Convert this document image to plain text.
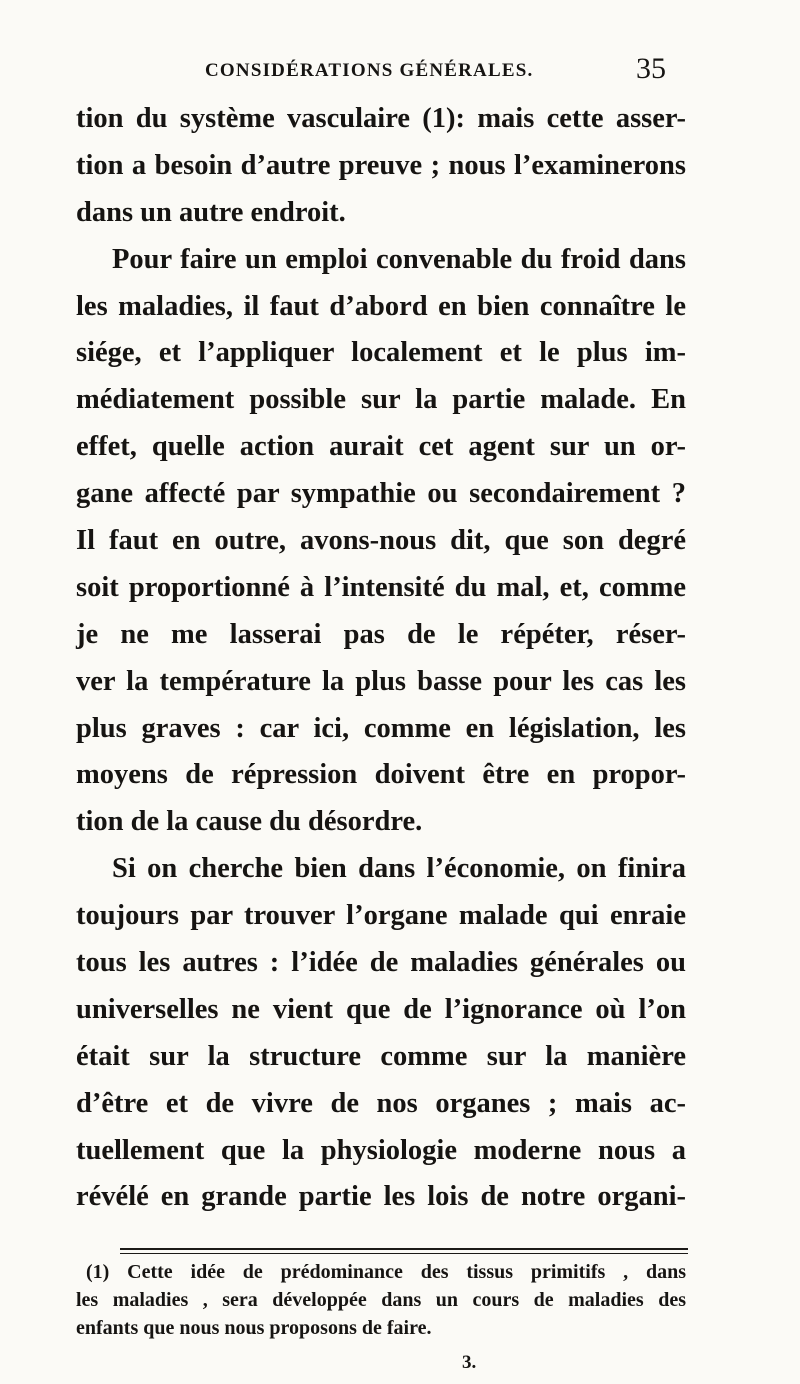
CONSIDÉRATIONS GÉNÉRALES.	35
tion du système vasculaire (1): mais cette asser-
tion a besoin d’autre preuve ; nous l’examinerons
dans un autre endroit.
Pour faire un emploi convenable du froid dans
les maladies, il faut d’abord en bien connaître le
siége, et l’appliquer localement et le plus im-
médiatement possible sur la partie malade. En
effet, quelle action aurait cet agent sur un or-
gane affecté par sympathie ou secondairement ?
Il faut en outre, avons-nous dit, que son degré
soit proportionné à l’intensité du mal, et, comme
je ne me lasserai pas de le répéter, réser-
ver la température la plus basse pour les cas les
plus graves : car ici, comme en législation, les
moyens de répression doivent être en propor-
tion de la cause du désordre.
Si on cherche bien dans l’économie, on finira
toujours par trouver l’organe malade qui enraie
tous les autres : l’idée de maladies générales ou
universelles ne vient que de l’ignorance où l’on
était sur la structure comme sur la manière
d’être et de vivre de nos organes ; mais ac-
tuellement que la physiologie moderne nous a
révélé en grande partie les lois de notre organi-
(1) Cette idée de prédominance des tissus primitifs , dans
les maladies , sera développée dans un cours de maladies des
enfants que nous nous proposons de faire.
3.
